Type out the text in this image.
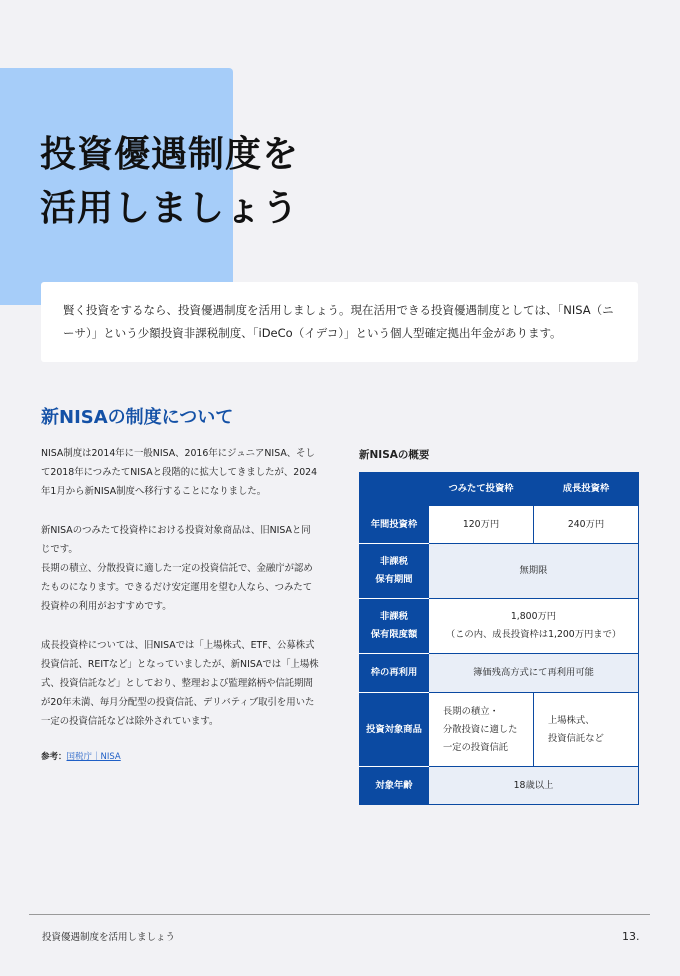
投資優遇制度を
活用しましょう

賢く投資をするなら、投資優遇制度を活用しましょう。現在活用できる投資優遇制度としては、「NISA（ニーサ）」という少額投資非課税制度、「iDeCo（イデコ）」という個人型確定拠出年金があります。

新NISAの制度について

NISA制度は2014年に一般NISA、2016年にジュニアNISA、そして2018年につみたてNISAと段階的に拡大してきましたが、2024年1月から新NISA制度へ移行することになりました。

新NISAのつみたて投資枠における投資対象商品は、旧NISAと同じです。
長期の積立、分散投資に適した一定の投資信託で、金融庁が認めたものになります。できるだけ安定運用を望む人なら、つみたて投資枠の利用がおすすめです。

成長投資枠については、旧NISAでは「上場株式、ETF、公募株式投資信託、REITなど」となっていましたが、新NISAでは「上場株式、投資信託など」としており、整理および監理銘柄や信託期間が20年未満、毎月分配型の投資信託、デリバティブ取引を用いた一定の投資信託などは除外されています。

参考：国税庁｜NISA

新NISAの概要

	つみたて投資枠	成長投資枠
年間投資枠	120万円	240万円
非課税
保有期間	無期限	
非課税
保有限度額	1,800万円
（この内、成長投資枠は1,200万円まで）	
枠の再利用	簿価残高方式にて再利用可能	
投資対象商品	長期の積立・
分散投資に適した
一定の投資信託	上場株式、
投資信託など
対象年齢	18歳以上	

投資優遇制度を活用しましょう	13.
